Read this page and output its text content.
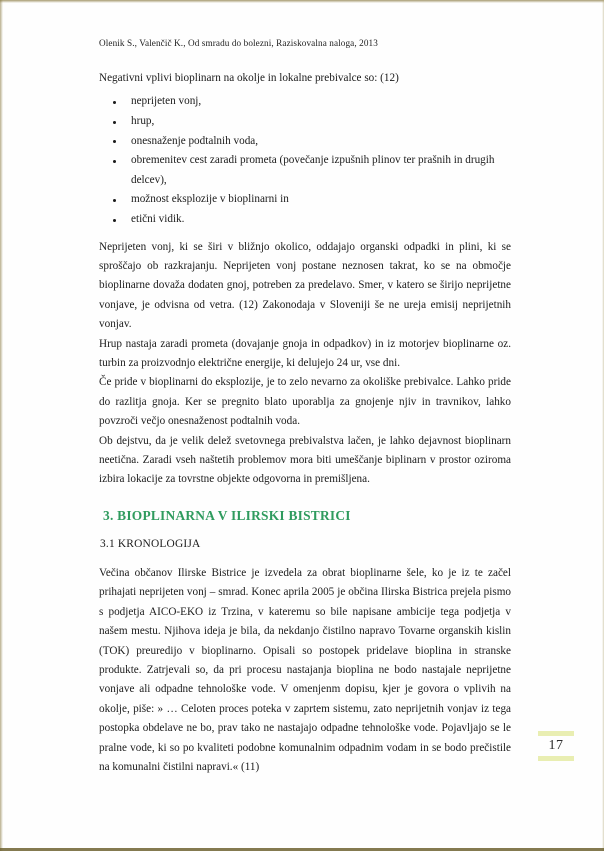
Olenik S., Valenčič K., Od smradu do bolezni, Raziskovalna naloga, 2013

Negativni vplivi bioplinarn na okolje in lokalne prebivalce so: (12)

neprijeten vonj,
hrup,
onesnaženje podtalnih voda,
obremenitev cest zaradi prometa (povečanje izpušnih plinov ter prašnih in drugih delcev),
možnost eksplozije v bioplinarni in
etični vidik.

Neprijeten vonj, ki se širi v bližnjo okolico, oddajajo organski odpadki in plini, ki se sproščajo ob razkrajanju. Neprijeten vonj postane neznosen takrat, ko se na območje bioplinarne dovaža dodaten gnoj, potreben za predelavo. Smer, v katero se širijo neprijetne vonjave, je odvisna od vetra. (12) Zakonodaja v Sloveniji še ne ureja emisij neprijetnih vonjav.

Hrup nastaja zaradi prometa (dovajanje gnoja in odpadkov) in iz motorjev bioplinarne oz. turbin za proizvodnjo električne energije, ki delujejo 24 ur, vse dni.

Če pride v bioplinarni do eksplozije, je to zelo nevarno za okoliške prebivalce. Lahko pride do razlitja gnoja. Ker se pregnito blato uporablja za gnojenje njiv in travnikov, lahko povzroči večjo onesnaženost podtalnih voda.

Ob dejstvu, da je velik delež svetovnega prebivalstva lačen, je lahko dejavnost bioplinarn neetična. Zaradi vseh naštetih problemov mora biti umeščanje biplinarn v prostor oziroma izbira lokacije za tovrstne objekte odgovorna in premišljena.

3. BIOPLINARNA V ILIRSKI BISTRICI
3.1 KRONOLOGIJA

Večina občanov Ilirske Bistrice je izvedela za obrat bioplinarne šele, ko je iz te začel prihajati neprijeten vonj – smrad. Konec aprila 2005 je občina Ilirska Bistrica prejela pismo s podjetja AICO-EKO iz Trzina, v kateremu so bile napisane ambicije tega podjetja v našem mestu. Njihova ideja je bila, da nekdanjo čistilno napravo Tovarne organskih kislin (TOK) preuredijo v bioplinarno. Opisali so postopek pridelave bioplina in stranske produkte. Zatrjevali so, da pri procesu nastajanja bioplina ne bodo nastajale neprijetne vonjave ali odpadne tehnološke vode. V omenjenm dopisu, kjer je govora o vplivih na okolje, piše: » … Celoten proces poteka v zaprtem sistemu, zato neprijetnih vonjav iz tega postopka obdelave ne bo, prav tako ne nastajajo odpadne tehnološke vode. Pojavljajo se le pralne vode, ki so po kvaliteti podobne komunalnim odpadnim vodam in se bodo prečistile na komunalni čistilni napravi.« (11)

17
